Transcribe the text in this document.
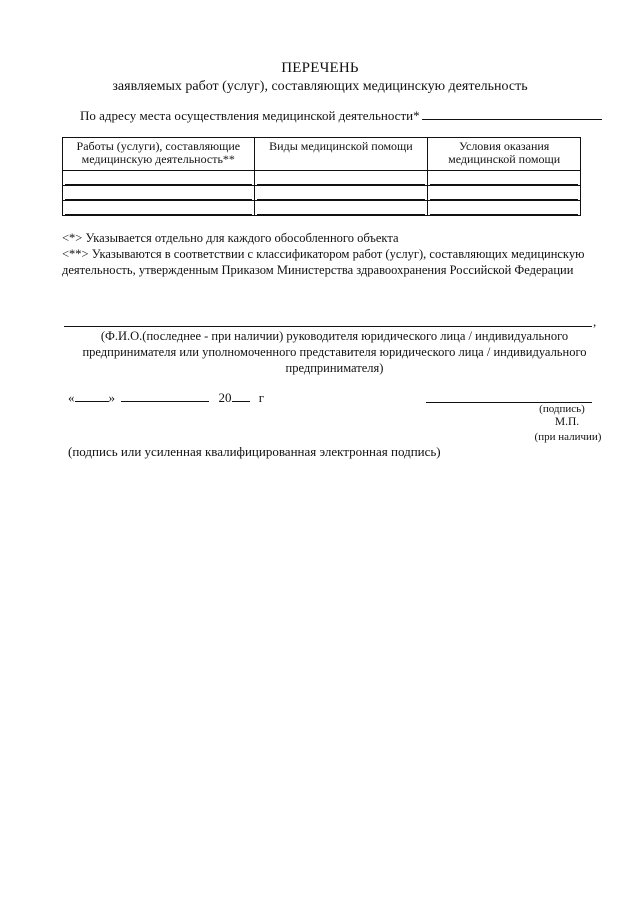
ПЕРЕЧЕНЬ
заявляемых работ (услуг), составляющих медицинскую деятельность
По адресу места осуществления медицинской деятельности*
Работы (услуги), составляющие медицинскую деятельность**	Виды медицинской помощи	Условия оказания медицинской помощи

<*> Указывается отдельно для каждого обособленного объекта
<**> Указываются в соответствии с классификатором работ (услуг), составляющих медицинскую деятельность, утвержденным Приказом Министерства здравоохранения Российской Федерации
,
(Ф.И.О.(последнее - при наличии) руководителя юридического лица / индивидуального предпринимателя или уполномоченного представителя юридического лица / индивидуального предпринимателя)
«	»	20 г
(подпись)
М.П.
(при наличии)
(подпись или усиленная квалифицированная электронная подпись)
